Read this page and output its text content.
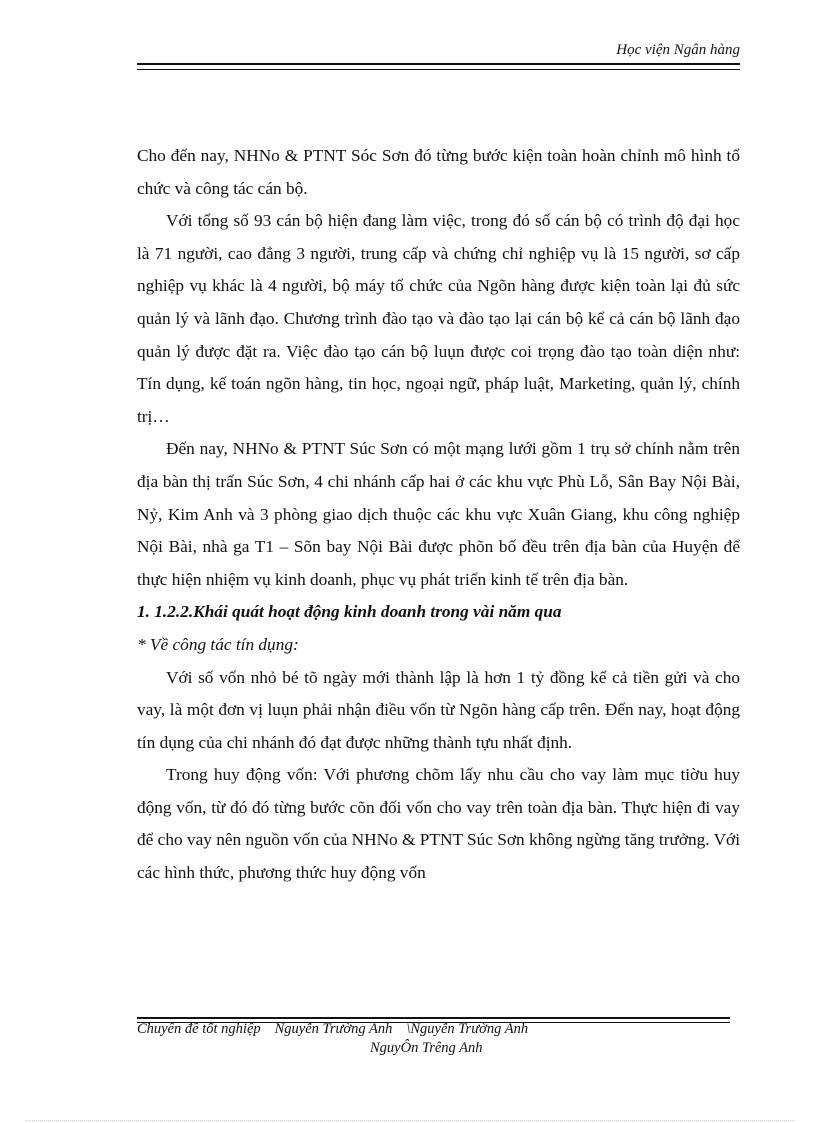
Học viện Ngân hàng

Cho đến nay, NHNo & PTNT Sóc Sơn đó từng bước kiện toàn hoàn chỉnh mô hình tổ chức và công tác cán bộ.

Với tổng số 93 cán bộ hiện đang làm việc, trong đó số cán bộ có trình độ đại học là 71 người, cao đẳng 3 người, trung cấp và chứng chỉ nghiệp vụ là 15 người, sơ cấp nghiệp vụ khác là 4 người, bộ máy tổ chức của Ngõn hàng được kiện toàn lại đủ sức quản lý và lãnh đạo. Chương trình đào tạo và đào tạo lại cán bộ kể cả cán bộ lãnh đạo quản lý được đặt ra. Việc đào tạo cán bộ luụn được coi trọng đào tạo toàn diện như: Tín dụng, kế toán ngõn hàng, tin học, ngoại ngữ, pháp luật, Marketing, quản lý, chính trị…

Đến nay, NHNo & PTNT Súc Sơn có một mạng lưới gồm 1 trụ sở chính nằm trên địa bàn thị trấn Súc Sơn, 4 chi nhánh cấp hai ở các khu vực Phù Lỗ, Sân Bay Nội Bài, Nỷ, Kim Anh và 3 phòng giao dịch thuộc các khu vực Xuân Giang, khu công nghiệp Nội Bài, nhà ga T1 – Sõn bay Nội Bài được phõn bố đều trên địa bàn của Huyện để thực hiện nhiệm vụ kinh doanh, phục vụ phát triển kinh tế trên địa bàn.

1. 1.2.2.Khái quát hoạt động kinh doanh trong vài năm qua

* Về công tác tín dụng:

Với số vốn nhỏ bé tõ ngày mới thành lập là hơn 1 tỷ đồng kể cả tiền gửi và cho vay, là một đơn vị luụn phải nhận điều vốn từ Ngõn hàng cấp trên. Đến nay, hoạt động tín dụng của chi nhánh đó đạt được những thành tựu nhất định.

Trong huy động vốn: Với phương chõm lấy nhu cầu cho vay làm mục tiờu huy động vốn, từ đó đó từng bước cõn đối vốn cho vay trên toàn địa bàn. Thực hiện đi vay để cho vay nên nguồn vốn của NHNo & PTNT Súc Sơn không ngừng tăng trưởng. Với các hình thức, phương thức huy động vốn

Chuyên đề tốt nghiệp Nguyễn Trường Anh \Nguyễn Trường Anh
NguyÔn Trêng Anh
